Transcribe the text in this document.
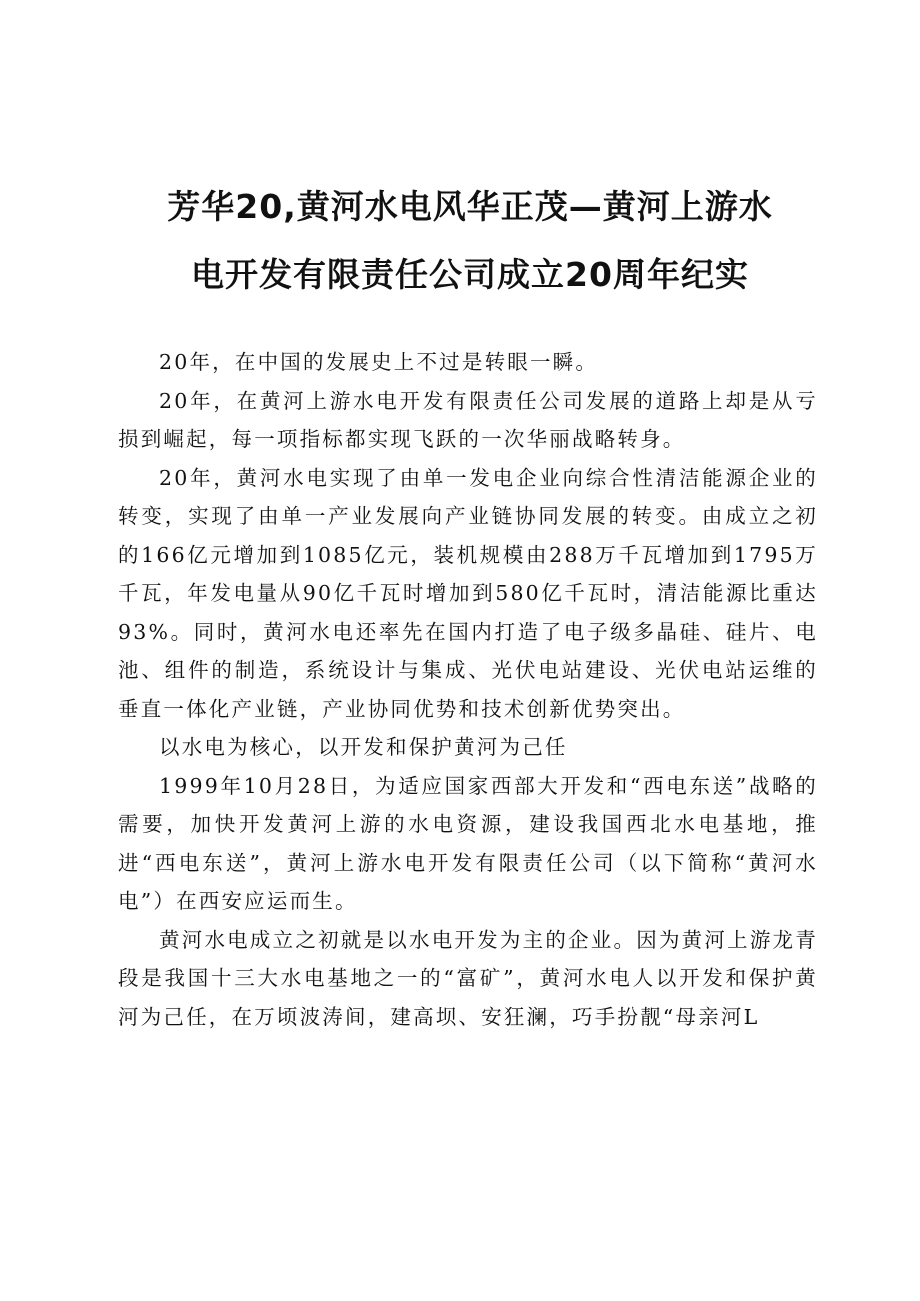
芳华20,黄河水电风华正茂—黄河上游水
电开发有限责任公司成立20周年纪实

20年，在中国的发展史上不过是转眼一瞬。

20年，在黄河上游水电开发有限责任公司发展的道路上却是从亏损到崛起，每一项指标都实现飞跃的一次华丽战略转身。

20年，黄河水电实现了由单一发电企业向综合性清洁能源企业的转变，实现了由单一产业发展向产业链协同发展的转变。由成立之初的166亿元增加到1085亿元，装机规模由288万千瓦增加到1795万千瓦，年发电量从90亿千瓦时增加到580亿千瓦时，清洁能源比重达93%。同时，黄河水电还率先在国内打造了电子级多晶硅、硅片、电池、组件的制造，系统设计与集成、光伏电站建设、光伏电站运维的垂直一体化产业链，产业协同优势和技术创新优势突出。

以水电为核心，以开发和保护黄河为己任

1999年10月28日，为适应国家西部大开发和“西电东送”战略的需要，加快开发黄河上游的水电资源，建设我国西北水电基地，推进“西电东送”，黄河上游水电开发有限责任公司（以下简称“黄河水电”）在西安应运而生。

黄河水电成立之初就是以水电开发为主的企业。因为黄河上游龙青段是我国十三大水电基地之一的“富矿”，黄河水电人以开发和保护黄河为己任，在万顷波涛间，建高坝、安狂澜，巧手扮靓“母亲河L
